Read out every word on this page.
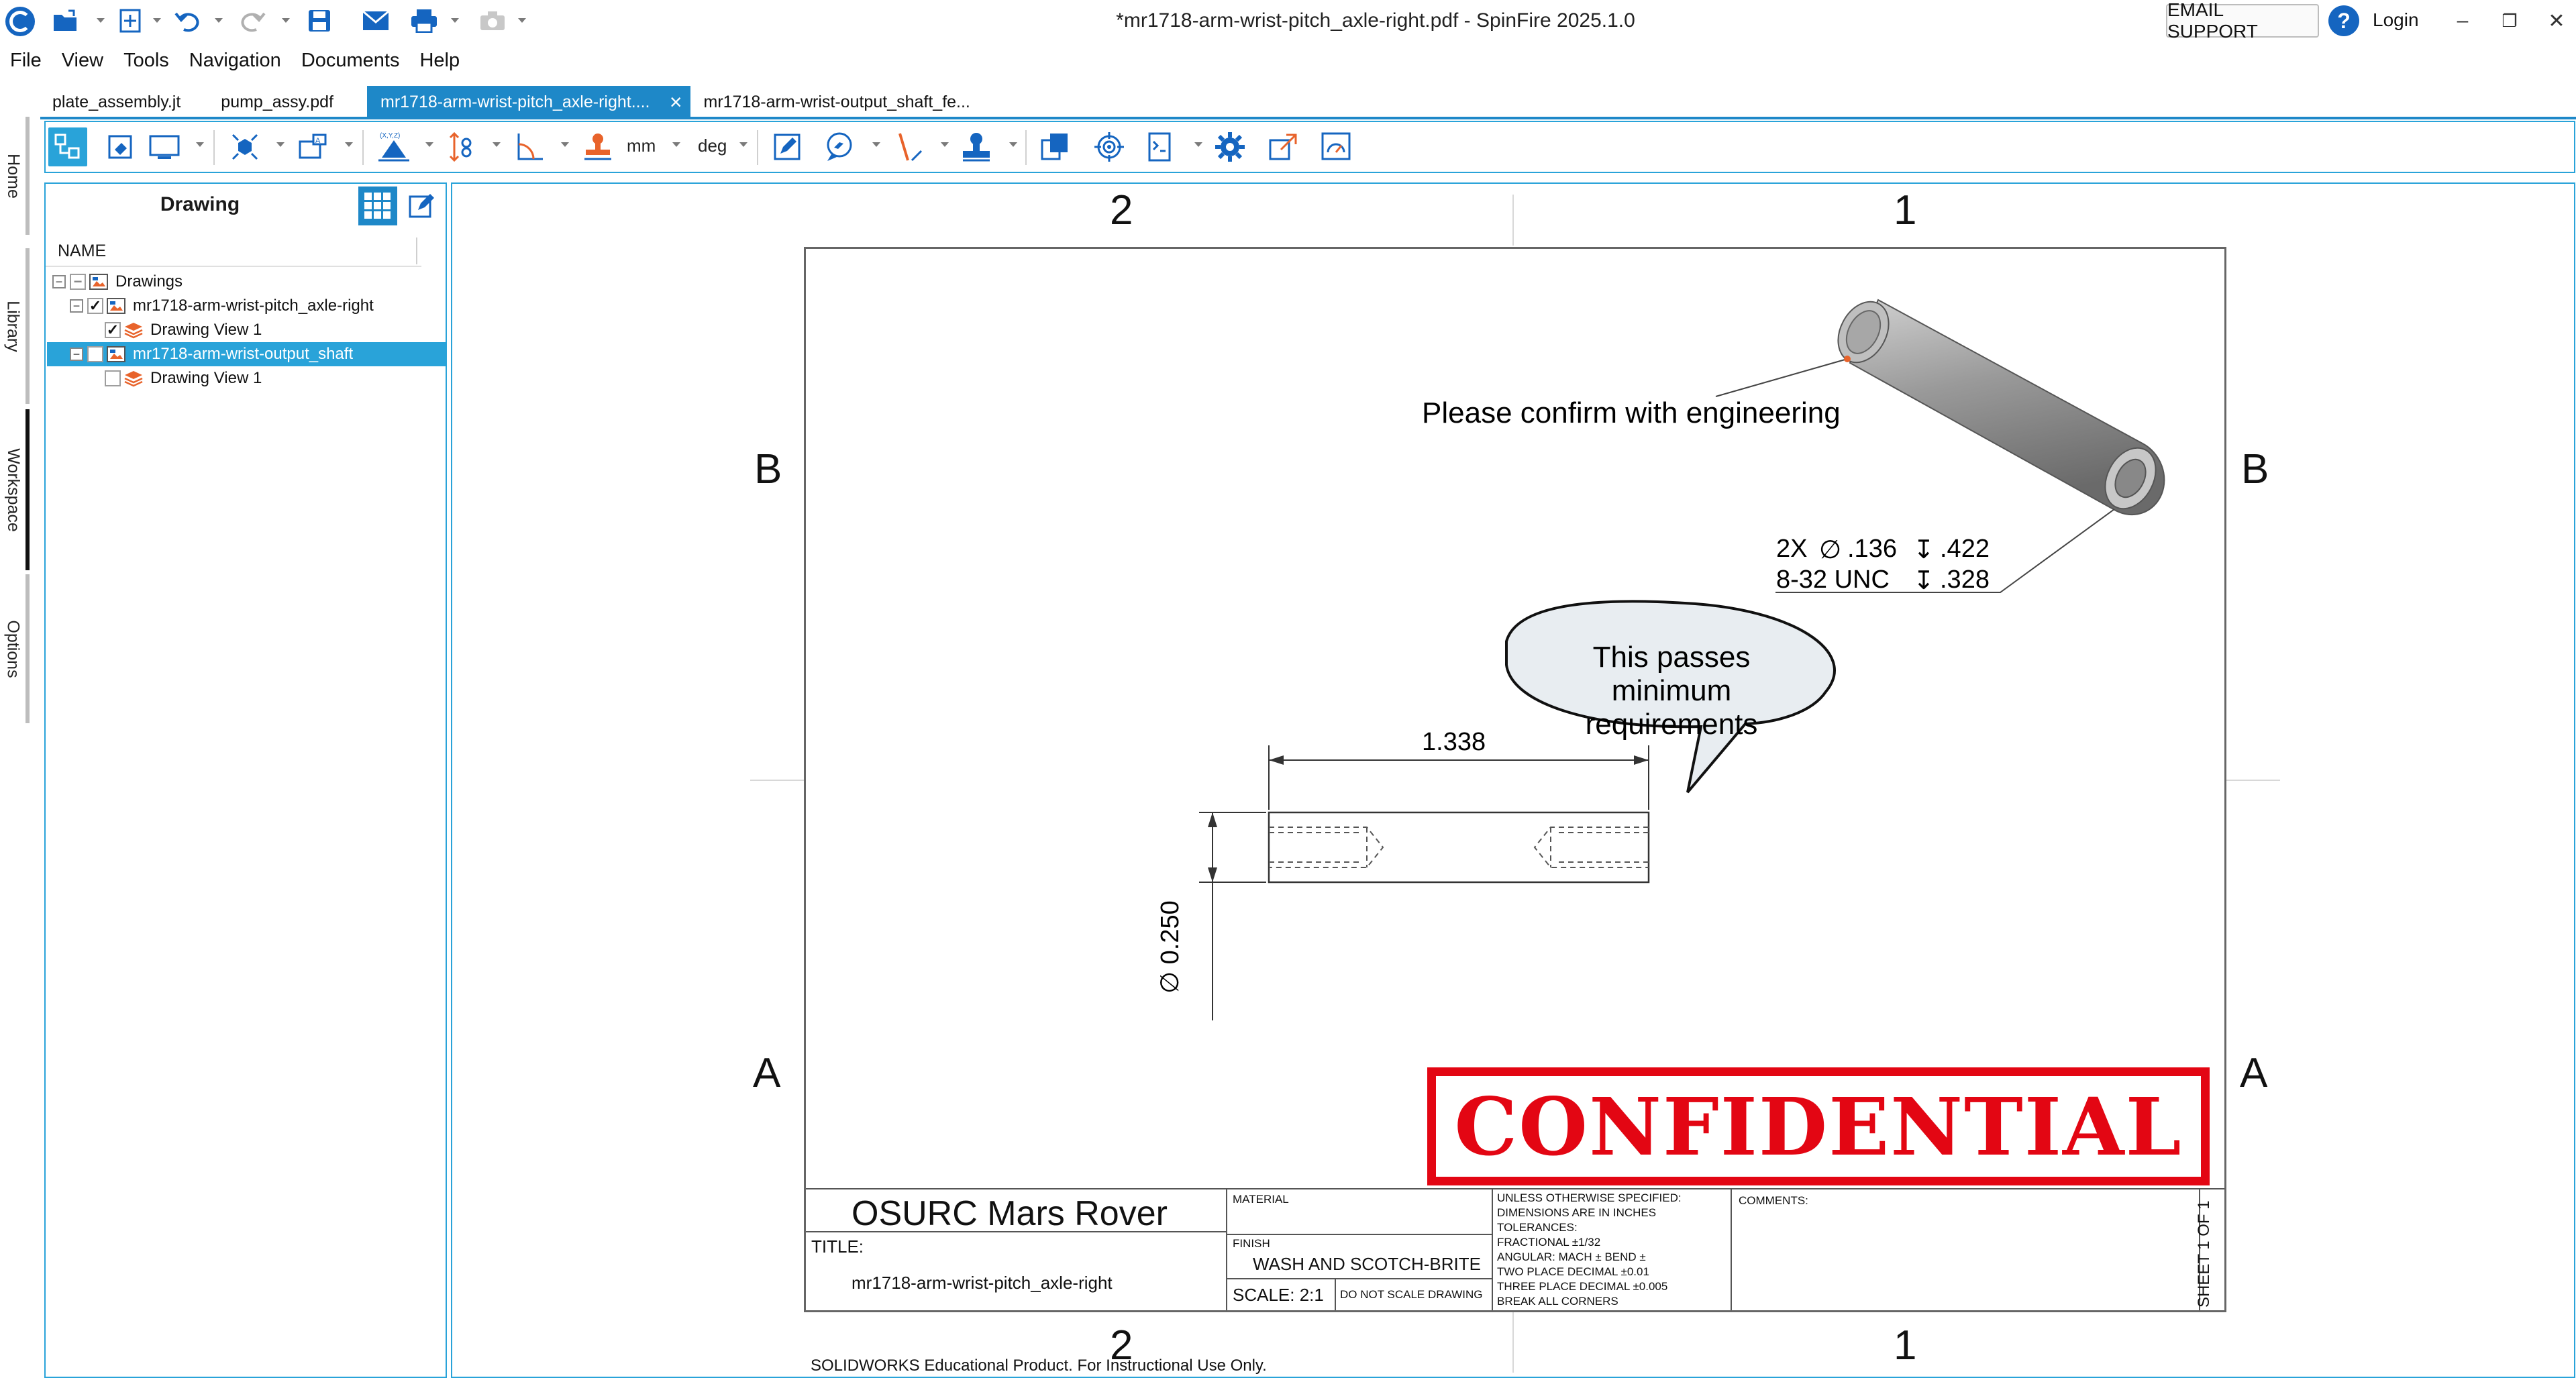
*mr1718-arm-wrist-pitch_axle-right.pdf - SpinFire 2025.1.0	EMAIL SUPPORT	?	Login	–	❐	✕
File	View	Tools	Navigation	Documents	Help
plate_assembly.jt	pump_assy.pdf	mr1718-arm-wrist-pitch_axle-right.... ×	mr1718-arm-wrist-output_shaft_fe...
Home
Library
Workspace
Options
A
(X,Y,Z)	mm deg
Drawing
NAME
− − Drawings
− ✓ mr1718-arm-wrist-pitch_axle-right
✓ Drawing View 1
−	mr1718-arm-wrist-output_shaft
Drawing View 1
2	1
B
A
B
A
2	1
Please confirm with engineering
2X ∅ .136 ↧ .422
8-32 UNC ↧ .328
This passes minimum requirements
1.338
∅ 0.250
CONFIDENTIAL
OSURC Mars Rover
TITLE:
mr1718-arm-wrist-pitch_axle-right
MATERIAL
FINISH
WASH AND SCOTCH-BRITE
SCALE: 2:1 DO NOT SCALE DRAWING
UNLESS OTHERWISE SPECIFIED:
DIMENSIONS ARE IN INCHES
TOLERANCES:
FRACTIONAL ±1/32
ANGULAR: MACH ± BEND ±
TWO PLACE DECIMAL ±0.01
THREE PLACE DECIMAL ±0.005
BREAK ALL CORNERS
COMMENTS:	SHEET 1 OF 1
SOLIDWORKS Educational Product. For Instructional Use Only.
